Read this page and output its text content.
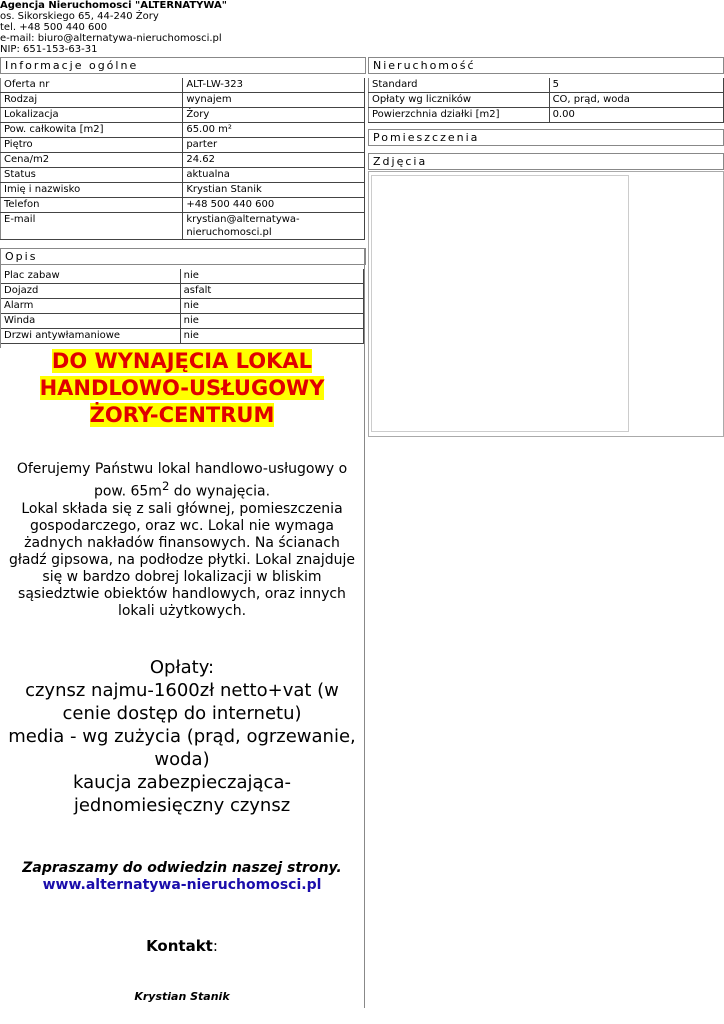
Agencja Nieruchomosci "ALTERNATYWA"
os. Sikorskiego 65, 44-240 Żory
tel. +48 500 440 600
e-mail: biuro@alternatywa-nieruchomosci.pl
NIP: 651-153-63-31
Informacje ogólne
Oferta nr	ALT-LW-323
Rodzaj	wynajem
Lokalizacja	Żory
Pow. całkowita [m2]	65.00 m²
Piętro	parter
Cena/m2	24.62
Status	aktualna
Imię i nazwisko	Krystian Stanik
Telefon	+48 500 440 600
E-mail	krystian@alternatywa-nieruchomosci.pl
Nieruchomość
Standard	5
Opłaty wg liczników	CO, prąd, woda
Powierzchnia działki [m2]	0.00
Pomieszczenia
Zdjęcia
Opis
Plac zabaw	nie
Dojazd	asfalt
Alarm	nie
Winda	nie
Drzwi antywłamaniowe	nie
DO WYNAJĘCIA LOKAL
HANDLOWO-USŁUGOWY
ŻORY-CENTRUM
Oferujemy Państwu lokal handlowo-usługowy o pow. $65m^2$ do wynajęcia.
Lokal składa się z sali głównej, pomieszczenia gospodarczego, oraz wc. Lokal nie wymaga żadnych nakładów finansowych. Na ścianach gładź gipsowa, na podłodze płytki. Lokal znajduje się w bardzo dobrej lokalizacji w bliskim sąsiedztwie obiektów handlowych, oraz innych lokali użytkowych.
Opłaty:
czynsz najmu-1600zł netto+vat (w cenie dostęp do internetu)
media - wg zużycia (prąd, ogrzewanie, woda)
kaucja zabezpieczająca- jednomiesięczny czynsz
Zapraszamy do odwiedzin naszej strony.
www.alternatywa-nieruchomosci.pl
Kontakt:
Krystian Stanik
